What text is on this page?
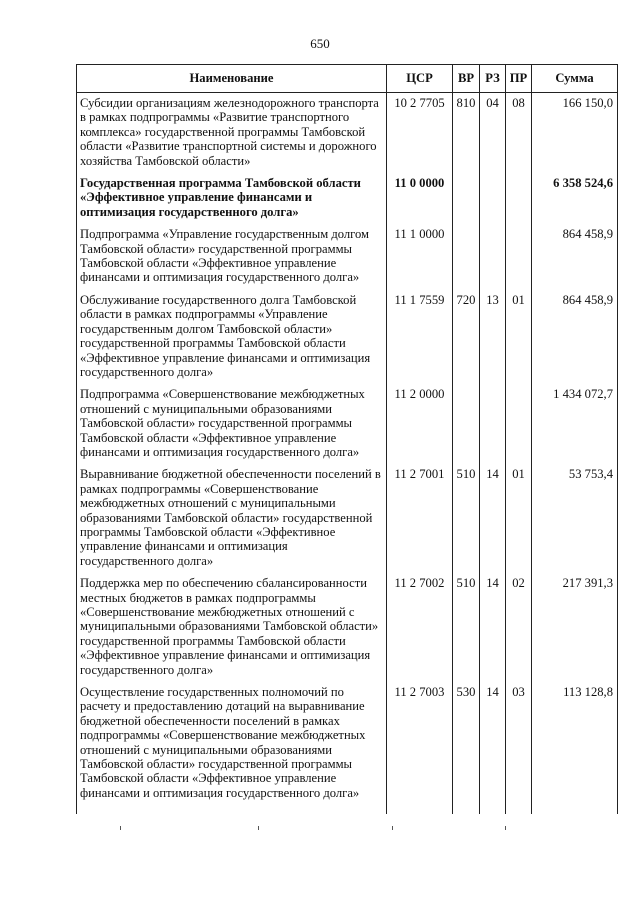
650
Наименование	ЦСР	ВР	РЗ	ПР	Сумма
Субсидии организациям железнодорожного транспорта в рамках подпрограммы «Развитие транспортного комплекса» государственной программы Тамбовской области «Развитие транспортной системы и дорожного хозяйства Тамбовской области»	10 2 7705	810	04	08	166 150,0
Государственная программа Тамбовской области «Эффективное управление финансами и оптимизация государственного долга»	11 0 0000				6 358 524,6
Подпрограмма «Управление государственным долгом Тамбовской области» государственной программы Тамбовской области «Эффективное управление финансами и оптимизация государственного долга»	11 1 0000				864 458,9
Обслуживание государственного долга Тамбовской области в рамках подпрограммы «Управление государственным долгом Тамбовской области» государственной программы Тамбовской области «Эффективное управление финансами и оптимизация государственного долга»	11 1 7559	720	13	01	864 458,9
Подпрограмма «Совершенствование межбюджетных отношений с муниципальными образованиями Тамбовской области» государственной программы Тамбовской области «Эффективное управление финансами и оптимизация государственного долга»	11 2 0000				1 434 072,7
Выравнивание бюджетной обеспеченности поселений в рамках подпрограммы «Совершенствование межбюджетных отношений с муниципальными образованиями Тамбовской области» государственной программы Тамбовской области «Эффективное управление финансами и оптимизация государственного долга»	11 2 7001	510	14	01	53 753,4
Поддержка мер по обеспечению сбалансированности местных бюджетов в рамках подпрограммы «Совершенствование межбюджетных отношений с муниципальными образованиями Тамбовской области» государственной программы Тамбовской области «Эффективное управление финансами и оптимизация государственного долга»	11 2 7002	510	14	02	217 391,3
Осуществление государственных полномочий по расчету и предоставлению дотаций на выравнивание бюджетной обеспеченности поселений в рамках подпрограммы «Совершенствование межбюджетных отношений с муниципальными образованиями Тамбовской области» государственной программы Тамбовской области «Эффективное управление финансами и оптимизация государственного долга»	11 2 7003	530	14	03	113 128,8
